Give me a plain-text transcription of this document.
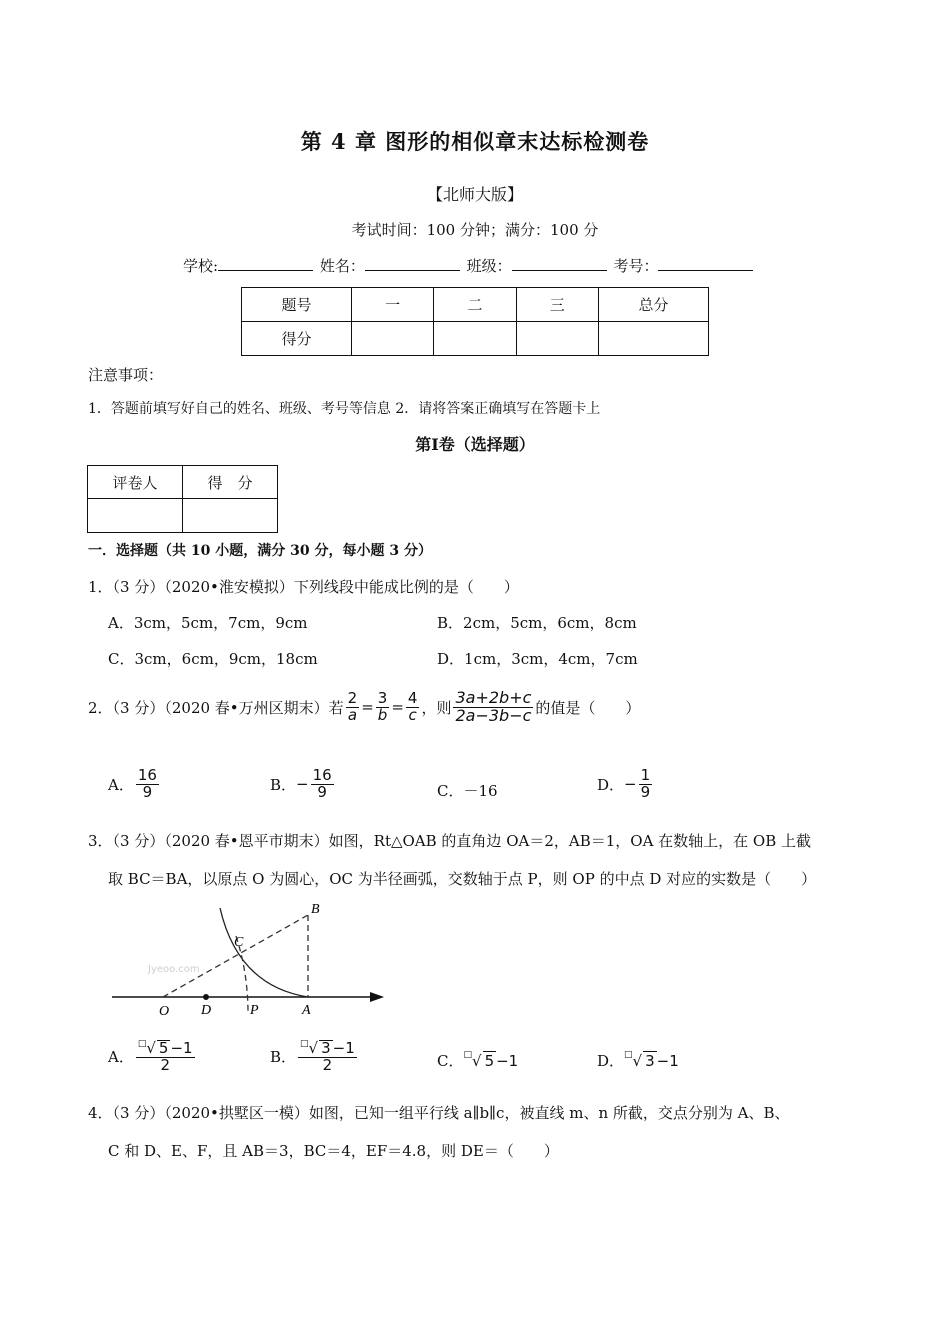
第 4 章 图形的相似章末达标检测卷
【北师大版】
考试时间：100 分钟；满分：100 分
学校:	姓名：	班级：	考号：
题号	一	二	三	总分
得分				
注意事项：
1．答题前填写好自己的姓名、班级、考号等信息 2．请将答案正确填写在答题卡上
第Ⅰ卷（选择题）
评卷人	得　分

一．选择题（共 10 小题，满分 30 分，每小题 3 分）
1．（3 分）（2020•淮安模拟）下列线段中能成比例的是（　　）
A．3cm，5cm，7cm，9cm	B．2cm，5cm，6cm，8cm
C．3cm，6cm，9cm，18cm	D．1cm，3cm，4cm，7cm
2．（3 分）（2020 春•万州区期末）若 $\frac{2}{a} = \frac{3}{b} = \frac{4}{c}$ ，则 $\frac{3a+2b+c}{2a-3b-c}$ 的值是（　　）
A． $\frac{16}{9}$	B． − $\frac{16}{9}$	C．－16	D． − $\frac{1}{9}$
3．（3 分）（2020 春•恩平市期末）如图，Rt△OAB 的直角边 OA＝2，AB＝1，OA 在数轴上，在 OB 上截
取 BC＝BA，以原点 O 为圆心，OC 为半径画弧，交数轴于点 P，则 OP 的中点 D 对应的实数是（　　）
Jyeoo.com
B
C
O D	P	A
A． $\frac{^□√ 5 -1}{2}$	B． $\frac{^□√ 3 -1}{2}$	C．□√ 5 −1	D．□√ 3 −1
4．（3 分）（2020•拱墅区一模）如图，已知一组平行线 a∥b∥c，被直线 m、n 所截，交点分别为 A、B、
C 和 D、E、F，且 AB＝3，BC＝4，EF＝4.8，则 DE＝（　　）
